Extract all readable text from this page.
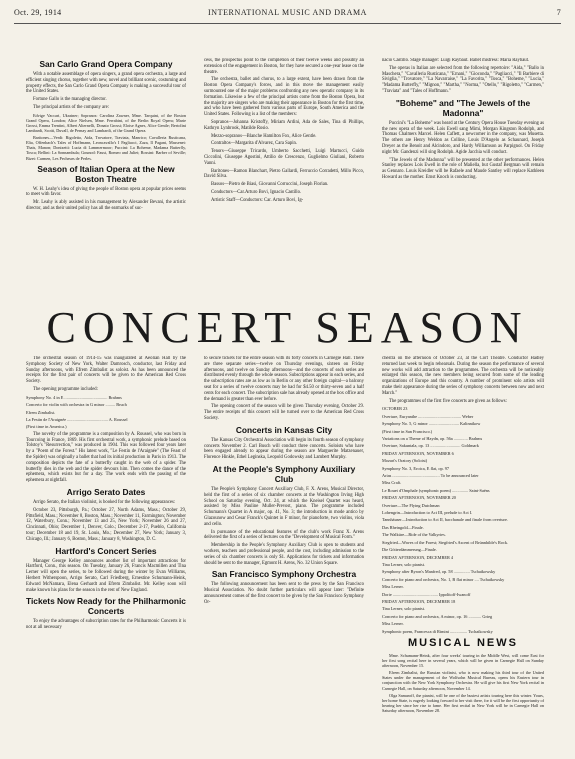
Oct. 29, 1914	INTERNATIONAL MUSIC AND DRAMA	7
San Carlo Grand Opera Company

With a notable assemblage of opera singers, a grand opera orchestra, a large and efficient singing chorus, together with new, novel and brilliant scenic, costuming and property effects, the San Carlo Grand Opera Company is making a successful tour of the United States.

Fortune Gallo is the managing director.

The principal artists of the company are:

Edvige Vaccari, Ukrainer; Sopranos: Carolina Zawner, Mme. Tarquini, of the Boston Grand Opera, London; Alice Nielsen, Mme. Ferrabini, of the Berlin Royal Opera; Marie Grossi, Emma Trentini, Albert Alternelli, Donato Grossi; Eloise Agnes, Alice Gentle; Bertolini Lambardi, Scotti, Duvall, de Pernay and Lambardi, of the Grand Opera.

Baritones—Verdi: Rigoletto, Aida, Trovatore, Traviata, Manrico; Cavalleria Rusticana, Elia, Offenbach's Tales of Hoffmann, Leoncavallo's I Pagliacci, Zaza, Il Pagani, Massenet: Thais, Manon; Donizetti: Lucia di Lammermoor; Puccini: La Boheme, Madama Butterfly, Tosca; Bellini: La Sonnambula; Gounod: Faust, Romeo and Juliet; Rossini: Barber of Seville; Bizet: Carmen, Les Pecheurs de Perles.

Season of Italian Opera at the New Boston Theatre

W. H. Leahy's idea of giving the people of Boston opera at popular prices seems to meet with favor.

Mr. Leahy is ably assisted in his management by Alexander Bevani, the artistic director, and as their united policy has all the earmarks of suc-

cess, the prospectus point to the completion of their twelve weeks and possibly an extension of the engagement in Boston, for they have secured a one-year lease on the theatre.

The orchestra, ballet and chorus, to a large extent, have been drawn from the Boston Opera Company's forces, and in this move the management easily surmounted one of the major problems confronting any new operatic company in its formation. Likewise a few of the principal artists come from the Boston Opera, but the majority are singers who are making their appearance in Boston for the first time, and who have been gathered from various parts of Europe, South America and the United States. Following is a list of the members:

Sopranos—Johanna Kristoffy, Miriam Ardini, Ada de Sales, Tina di Phillips, Kathryn Lynbrook, Matilde Rosio.

Mezzo-sopranos—Blanche Hamilton Fox, Alice Gentle.

Contraltos—Margarita d'Alvarez, Cara Sapin.

Tenors—Giuseppe Tricardo, Umberto Sacchetti, Luigi Martucci, Guido Ciccolini, Giuseppe Agostini, Attilio de Crescenzo, Guglielmo Giuliani, Roberto Vanni.

Baritones—Ramon Blanchart, Pietro Gallardi, Ferruccio Corradetti, Millo Picco, David Silva.

Bassos—Pietro de Biasi, Giovanni Corruccini, Joseph Florian.

Conductors—Car.Arturo Bovi, Ignacio Castillo.

Artistic Staff—Conductors: Car. Arturo Bovi, Ig-

nacio Castillo. Stage manager: Luigi Raybaut. Ballet mistress: Maria Raybaut.

The operas in Italian are selected from the following repertoire: "Aida," "Ballo in Maschera," "Cavalleria Rusticana," "Ernani," "Gioconda," "Pagliacci," "Il Barbiere di Siviglia," "Trovatore," "La Navarraise," "La Favorita," "Tosca," "Boheme," "Lucia," "Madama Butterfly," "Mignon," "Martha," "Norma," "Otello," "Rigoletto," "Carmen," "Traviata" and "Tales of Hoffmann."

"Boheme" and "The Jewels of the Madonna"

Puccini's "La Boheme" was heard at the Century Opera House Tuesday evening as the new opera of the week. Lois Ewell sang Mimi, Morgan Kingston Rodolph, and Thomas Chalmers Marcel. Helen Caflett, a newcomer in the company, was Musetta. The others are Henry Weldon as Colline, Louis D'Angelo as Schaunard, Joseph Dreyer as the Benoit and Alcindoro, and Hardy Williamson as Parpignol. On Friday night Mr. Gandenzi will sing Rodolph. Agide Jacchia will conduct.

"The Jewels of the Madonna" will be presented at the other performances. Helen Stanley replaces Lois Ewell in the role of Maliella, but Gustaf Bergman will remain as Gennaro. Louis Kreidler will be Rafaele and Maude Santley will replace Kathleen Howard as the mother. Ernst Knoch is conducting.

CONCERT SEASON

The orchestral season of 1914-15 was inaugurated at Aeolian Hall by the Symphony Society of New York, Walter Damrosch, conductor, last Friday and Sunday afternoons, with Efrem Zimbalist as soloist. As has been announced the receipts for the first pair of concerts will be given to the American Red Cross Society.

The opening programme included:

Symphony No. 4 in E ........................................ Brahms

Concerto for violin with orchestra in G minor ......... Bruch

Efrem Zimbalist.

La Festin de l'Araignée ...................................... A. Roussel

(First time in America.)

The novelty of the programme is a composition by A. Roussel, who was born in Tourcoing in France, 1869. His first orchestral work, a symphonic prelude based on Tolstoy's "Resurrection," was produced in 1904. This was followed four years later by a "Poem of the Forest." His latest work, "Le Festin de l'Araignée" (The Feast of the Spider) was originally a ballet that had its initial production in Paris in 1913. The composition depicts the fate of a butterfly caught in the web of a spider. The butterfly dies in the web and the spider devours him. Then comes the dance of the ephemera, which exists but for a day. The work ends with the passing of the ephemera at nightfall.

Arrigo Serato Dates

Arrigo Serato, the Italian violinist, is booked for the following appearances:

October 23, Pittsburgh, Pa.; October 27, North Adams, Mass.; October 29, Pittsfield, Mass.; November 8, Boston, Mass.; November 11, Farmington; November 12, Waterbury, Conn.; November 13 and 25, New York; November 26 and 27, Cincinnati, Ohio; December 1, Denver, Colo.; December 2-17, Pueblo, California tour; December 18 and 19, St. Louis, Mo.; December 27, New York; January 3, Chicago, Ill.; January 6, Boston, Mass.; January 8, Washington, D. C.

Hartford's Concert Series

Manager George Kelley announces another list of important attractions for Hartford, Conn., this season. On Tuesday, January 26, Francis Macmillen and Tina Lerner will open the series, to be followed during the winter by Evan Williams, Herbert Witherspoon, Arrigo Serato, Carl Friedberg, Ernestine Schumann-Heink, Edward McNamara, Elena Gerhardt and Efrem Zimbalist. Mr. Kelley soon will make known his plans for the season in the rest of New England.

Tickets Now Ready for the Philharmonic Concerts

To enjoy the advantages of subscription rates for the Philharmonic Concerts it is not at all necessary

to secure tickets for the entire season with its forty concerts in Carnegie Hall. There are three separate series—twelve on Thursday evenings, sixteen on Friday afternoons, and twelve on Sunday afternoons—and the concerts of each series are distributed evenly through the whole season. Subscriptions appear in each series, and the subscription rates are as low as in Berlin or any other foreign capital—a balcony seat for a series of twelve concerts may be had for $4.50 or thirty-seven and a half cents for each concert. The subscription sale has already opened at the box office and the demand is greater than ever before.

The opening concert of the season will be given Thursday evening, October 29. The entire receipts of this concert will be turned over to the American Red Cross Society.

Concerts in Kansas City

The Kansas City Orchestral Association will begin its fourth season of symphony concerts November 2. Carl Busch will conduct three concerts. Soloists who have been engaged already to appear during the season are Marguerite Matzenauer, Florence Hinkle, Ethel Leginska, Leopold Godowsky and Lambert Murphy.

At the People's Symphony Auxiliary Club

The People's Symphony Concert Auxiliary Club, F. X. Arens, Musical Director, held the first of a series of six chamber concerts at the Washington Irving High School on Saturday evening, Oct. 24, at which the Kneisel Quartet was heard, assisted by Miss Pauline Muller-Prevost, piano. The programme included Schumann's Quartet in A major, op. 41, No. 3; the introduction in mode antico by Glazounow and Cesar Franck's Quintet in F minor, for pianoforte, two violins, viola and cello.

In pursuance of the educational features of the club's work Franz X. Arens delivered the first of a series of lectures on the "Development of Musical Form."

Membership in the People's Symphony Auxiliary Club is open to students and workers, teachers and professional people, and the cost, including admission to the series of six chamber concerts is only $1. Applications for tickets and information should be sent to the manager, Egmont H. Arens, No. 32 Union Square.

San Francisco Symphony Orchestra

The following announcement has been sent to the press by the San Francisco Musical Association. No doubt further particulars will appear later: "Definite announcement comes of the first concert to be given by the San Francisco Symphony Or-

chestra on the afternoon of October 23, at the Cort Theatre. Conductor Hadley returned last week to begin rehearsals. During the season the performance of several new works will add attraction to the programmes. The orchestra will be noticeably enlarged this season, the new members being secured from some of the leading organizations of Europe and this country. A number of prominent solo artists will make their appearance during the series of symphony concerts between now and next March."

The programmes of the first five concerts are given as follows:

OCTOBER 23

Overture, Euryanthe ........................................ Weber

Symphony No. 5, G minor ............................ Kalinnikow

(First time in San Francisco.)

Variations on a Theme of Haydn, op. 56a ............. Brahms

Overture, Sakuntala, op. 13 ............................ Goldmark

FRIDAY AFTERNOON, NOVEMBER 6

Mozart's Oratory (Soloist)

Symphony No. 3, Eroica, E flat, op. 97

Arias ............................................ To be announced later

Miss Craft.

Le Rouet d'Omphale (symphonic poem) ............... Saint-Saëns

FRIDAY AFTERNOON, NOVEMBER 20

Overture—The Flying Dutchman

Lohengrin—Introduction to Act III, prelude to Act I.

Tannhäuser—Introduction to Act II, bacchanale and finale from overture.

Das Rheingold—Finale.

The Walküre—Ride of the Valkyries.

Siegfried—Waves of the Forest; Siegfried's Ascent of Brünnhilde's Rock.

Die Götterdämmerung—Finale.

FRIDAY AFTERNOON, DECEMBER 4

Tina Lerner, solo pianist.

Symphony after Byron's Manfred, op. 58 ............... Tschaikowsky

Concerto for piano and orchestra, No. 1, B flat minor .... Tschaikowsky

Miss Lerner.

Dorie .......................................... Ippolitoff-Iwanoff

FRIDAY AFTERNOON, DECEMBER 18

Tina Lerner, solo pianist.

Concerto for piano and orchestra, A minor, op. 16 ............ Grieg

Miss Lerner.

Symphonic poem, Francesca di Rimini ................ Tschaikowsky

MUSICAL NEWS

Mme. Schumann-Heink, after four weeks' touring in the Middle West, will come East for her first song recital here in several years, which will be given in Carnegie Hall on Sunday afternoon, November 15.

Efrem Zimbalist, the Russian violinist, who is now making his third tour of the United States under the management of the Wolfsohn Musical Bureau, opens his Eastern tour in conjunction with the New York Symphony Orchestra. He will give his first New York recital in Carnegie Hall, on Saturday afternoon, November 14.

Olga Samaroff, the pianist, will be one of the busiest artists touring here this winter. Yours, her home State, is eagerly looking forward to her visit there, for it will be the first opportunity of hearing her since her rise to fame. Her first recital in New York will be in Carnegie Hall on Saturday afternoon, November 28.
